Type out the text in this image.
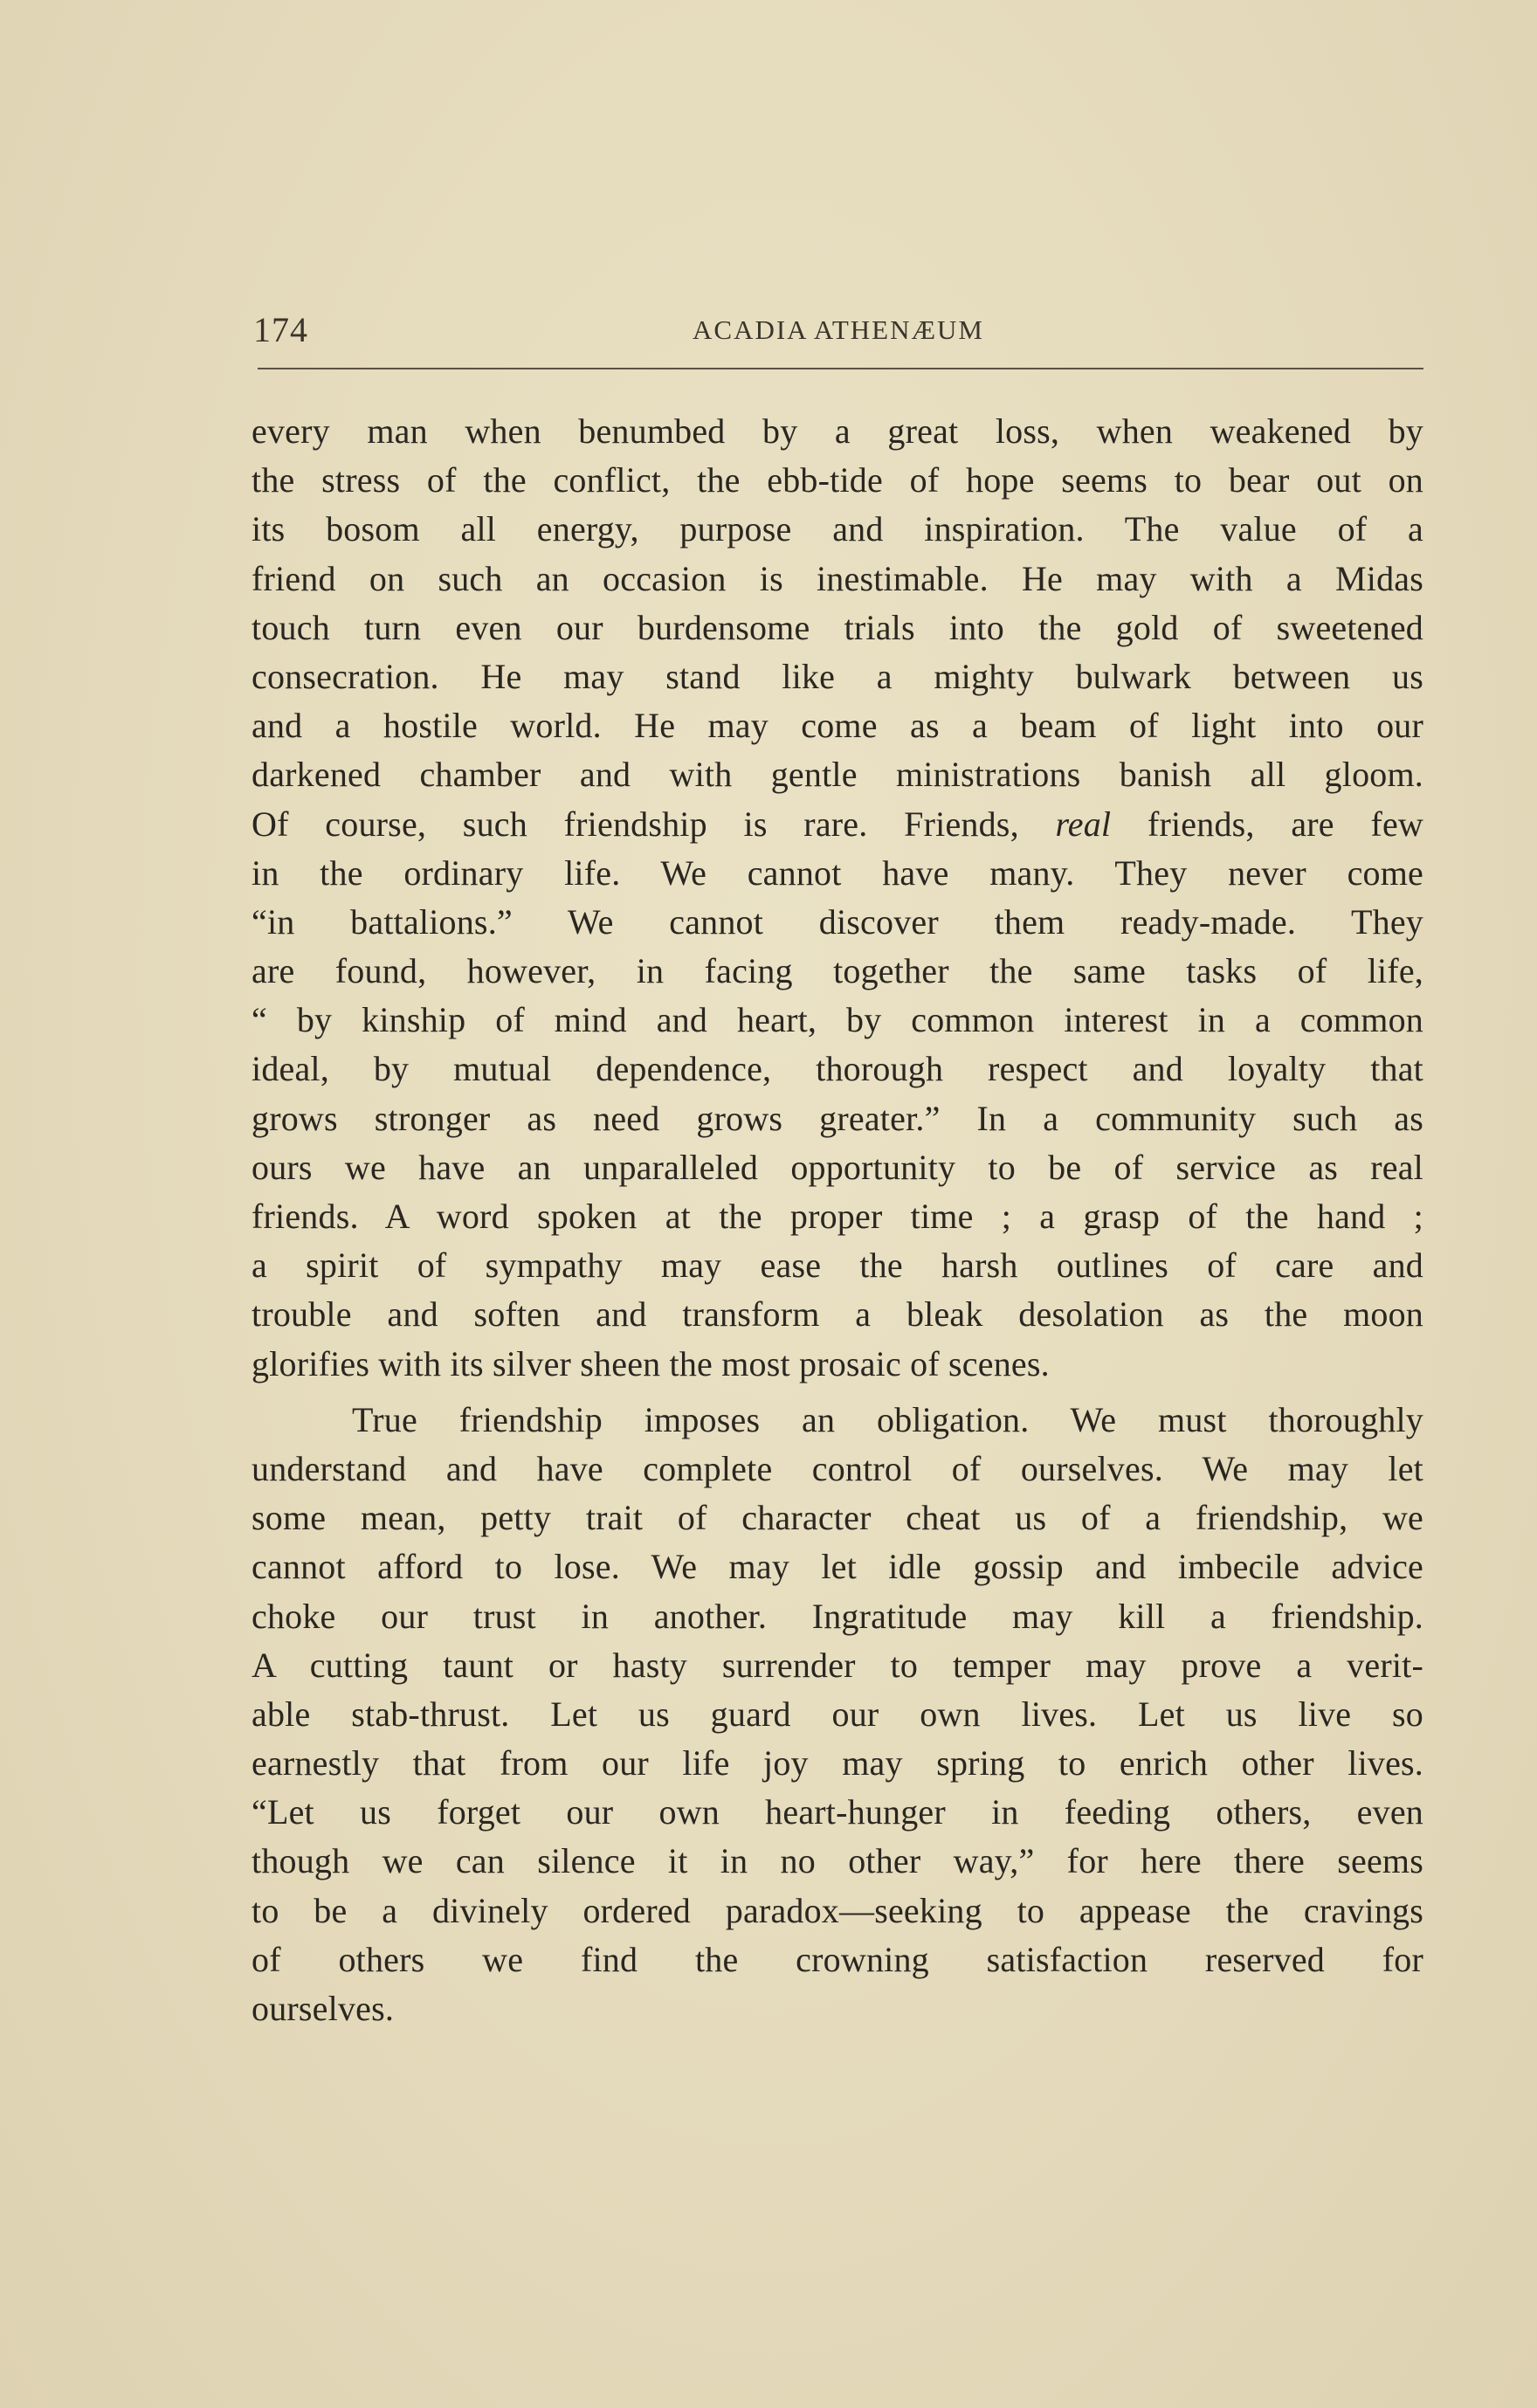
174	ACADIA ATHENÆUM
every man when benumbed by a great loss, when weakened by
the stress of the conflict, the ebb-tide of hope seems to bear out on
its bosom all energy, purpose and inspiration. The value of a
friend on such an occasion is inestimable. He may with a Midas
touch turn even our burdensome trials into the gold of sweetened
consecration. He may stand like a mighty bulwark between us
and a hostile world. He may come as a beam of light into our
darkened chamber and with gentle ministrations banish all gloom.
Of course, such friendship is rare. Friends, real friends, are few
in the ordinary life. We cannot have many. They never come
“in battalions.” We cannot discover them ready-made. They
are found, however, in facing together the same tasks of life,
“ by kinship of mind and heart, by common interest in a common
ideal, by mutual dependence, thorough respect and loyalty that
grows stronger as need grows greater.” In a community such as
ours we have an unparalleled opportunity to be of service as real
friends. A word spoken at the proper time ; a grasp of the hand ;
a spirit of sympathy may ease the harsh outlines of care and
trouble and soften and transform a bleak desolation as the moon
glorifies with its silver sheen the most prosaic of scenes.
True friendship imposes an obligation. We must thoroughly
understand and have complete control of ourselves. We may let
some mean, petty trait of character cheat us of a friendship, we
cannot afford to lose. We may let idle gossip and imbecile advice
choke our trust in another. Ingratitude may kill a friendship.
A cutting taunt or hasty surrender to temper may prove a verit-
able stab-thrust. Let us guard our own lives. Let us live so
earnestly that from our life joy may spring to enrich other lives.
“Let us forget our own heart-hunger in feeding others, even
though we can silence it in no other way,” for here there seems
to be a divinely ordered paradox—seeking to appease the cravings
of others we find the crowning satisfaction reserved for
ourselves.
